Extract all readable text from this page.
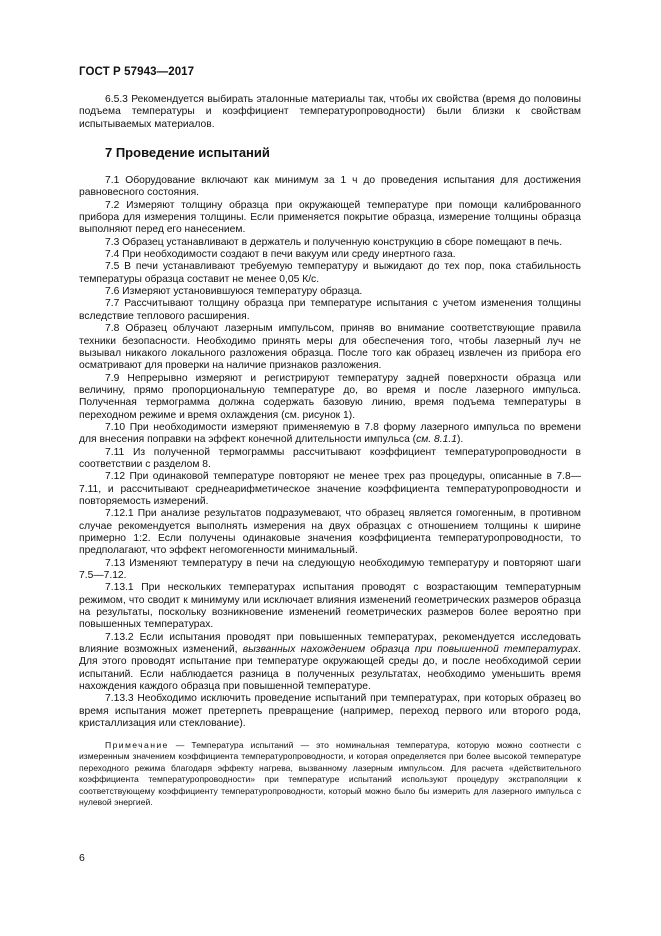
ГОСТ Р 57943—2017

6.5.3 Рекомендуется выбирать эталонные материалы так, чтобы их свойства (время до половины подъема температуры и коэффициент температуропроводности) были близки к свойствам испытываемых материалов.

7 Проведение испытаний

7.1 Оборудование включают как минимум за 1 ч до проведения испытания для достижения равновесного состояния.

7.2 Измеряют толщину образца при окружающей температуре при помощи калиброванного прибора для измерения толщины. Если применяется покрытие образца, измерение толщины образца выполняют перед его нанесением.

7.3 Образец устанавливают в держатель и полученную конструкцию в сборе помещают в печь.

7.4 При необходимости создают в печи вакуум или среду инертного газа.

7.5 В печи устанавливают требуемую температуру и выжидают до тех пор, пока стабильность температуры образца составит не менее 0,05 К/с.

7.6 Измеряют установившуюся температуру образца.

7.7 Рассчитывают толщину образца при температуре испытания с учетом изменения толщины вследствие теплового расширения.

7.8 Образец облучают лазерным импульсом, приняв во внимание соответствующие правила техники безопасности. Необходимо принять меры для обеспечения того, чтобы лазерный луч не вызывал никакого локального разложения образца. После того как образец извлечен из прибора его осматривают для проверки на наличие признаков разложения.

7.9 Непрерывно измеряют и регистрируют температуру задней поверхности образца или величину, прямо пропорциональную температуре до, во время и после лазерного импульса. Полученная термограмма должна содержать базовую линию, время подъема температуры в переходном режиме и время охлаждения (см. рисунок 1).

7.10 При необходимости измеряют применяемую в 7.8 форму лазерного импульса по времени для внесения поправки на эффект конечной длительности импульса (см. 8.1.1).

7.11 Из полученной термограммы рассчитывают коэффициент температуропроводности в соответствии с разделом 8.

7.12 При одинаковой температуре повторяют не менее трех раз процедуры, описанные в 7.8—7.11, и рассчитывают среднеарифметическое значение коэффициента температуропроводности и повторяемость измерений.

7.12.1 При анализе результатов подразумевают, что образец является гомогенным, в противном случае рекомендуется выполнять измерения на двух образцах с отношением толщины к ширине примерно 1:2. Если получены одинаковые значения коэффициента температуропроводности, то предполагают, что эффект негомогенности минимальный.

7.13 Изменяют температуру в печи на следующую необходимую температуру и повторяют шаги 7.5—7.12.

7.13.1 При нескольких температурах испытания проводят с возрастающим температурным режимом, что сводит к минимуму или исключает влияния изменений геометрических размеров образца на результаты, поскольку возникновение изменений геометрических размеров более вероятно при повышенных температурах.

7.13.2 Если испытания проводят при повышенных температурах, рекомендуется исследовать влияние возможных изменений, вызванных нахождением образца при повышенной температурах. Для этого проводят испытание при температуре окружающей среды до, и после необходимой серии испытаний. Если наблюдается разница в полученных результатах, необходимо уменьшить время нахождения каждого образца при повышенной температуре.

7.13.3 Необходимо исключить проведение испытаний при температурах, при которых образец во время испытания может претерпеть превращение (например, переход первого или второго рода, кристаллизация или стеклование).

Примечание — Температура испытаний — это номинальная температура, которую можно соотнести с измеренным значением коэффициента температуропроводности, и которая определяется при более высокой температуре переходного режима благодаря эффекту нагрева, вызванному лазерным импульсом. Для расчета «действительного коэффициента температуропроводности» при температуре испытаний используют процедуру экстраполяции к соответствующему коэффициенту температуропроводности, который можно было бы измерить для лазерного импульса с нулевой энергией.

6
